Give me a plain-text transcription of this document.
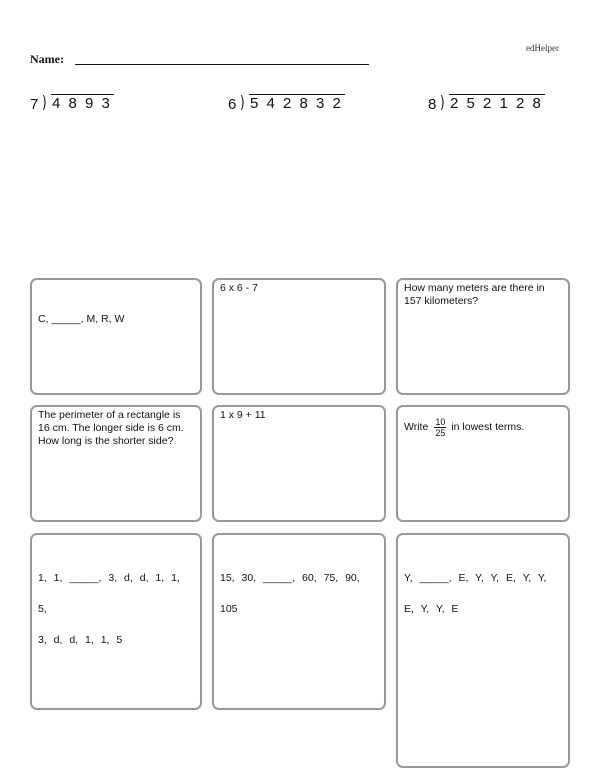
edHelper
Name:
7 ) 4 8 9 3	6 ) 5 4 2 8 3 2	8 ) 2 5 2 1 2 8
C, _____, M, R, W
6 x 6 - 7	How many meters are there in 157 kilometers?
The perimeter of a rectangle is 16 cm. The longer side is 6 cm. How long is the shorter side?
1 x 9 + 11
Write $\frac{10}{25}$ in lowest terms.
1, 1, _____, 3, d, d, 1, 1, 5,
3, d, d, 1, 1, 5
15, 30, _____, 60, 75, 90,
105
Y, _____, E, Y, Y, E, Y, Y,
E, Y, Y, E
